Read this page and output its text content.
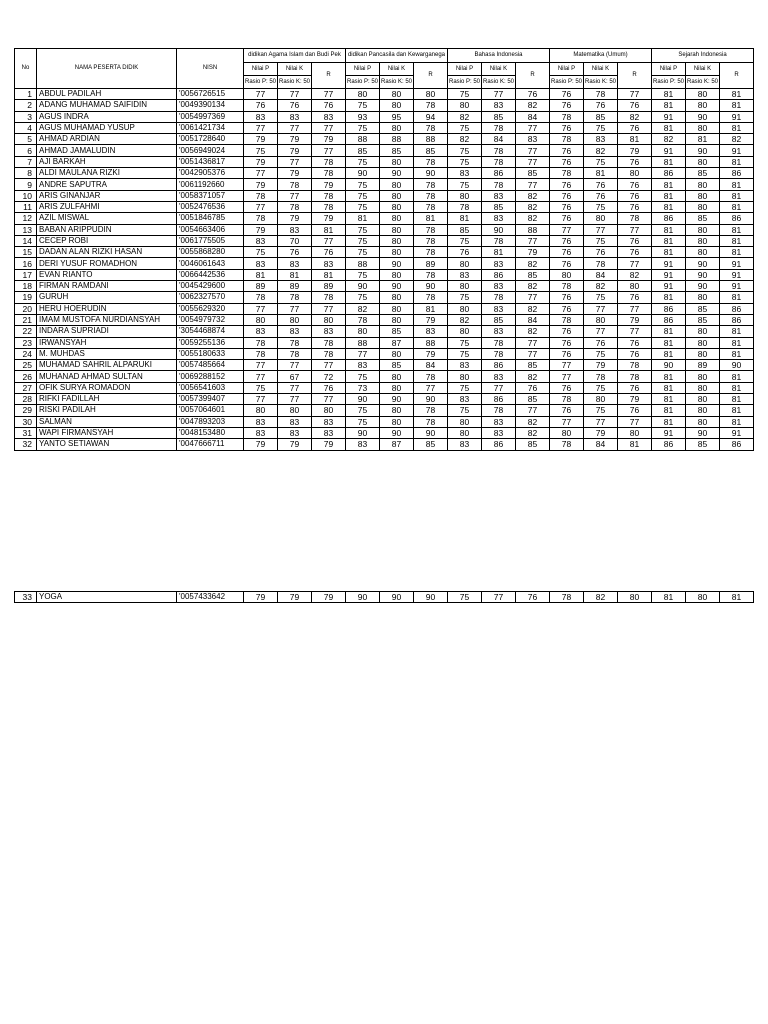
No	NAMA PESERTA DIDIK	NISN	didikan Agama Islam dan Budi Pek			didikan Pancasila dan Kewarganega			Bahasa Indonesia			Matematika (Umum)			Sejarah Indonesia		
			Nilai P	Nilai K	R	Nilai P	Nilai K	R	Nilai P	Nilai K	R	Nilai P	Nilai K	R	Nilai P	Nilai K	R
			Rasio P: 50	Rasio K: 50		Rasio P: 50	Rasio K: 50		Rasio P: 50	Rasio K: 50		Rasio P: 50	Rasio K: 50		Rasio P: 50	Rasio K: 50	
1	ABDUL PADILAH	'0056726515	77	77	77	80	80	80	75	77	76	76	78	77	81	80	81
2	ADANG MUHAMAD SAIFIDIN	'0049390134	76	76	76	75	80	78	80	83	82	76	76	76	81	80	81
3	AGUS INDRA	'0054997369	83	83	83	93	95	94	82	85	84	78	85	82	91	90	91
4	AGUS MUHAMAD YUSUP	'0061421734	77	77	77	75	80	78	75	78	77	76	75	76	81	80	81
5	AHMAD ARDIAN	'0051728640	79	79	79	88	88	88	82	84	83	78	83	81	82	81	82
6	AHMAD JAMALUDIN	'0056949024	75	79	77	85	85	85	75	78	77	76	82	79	91	90	91
7	AJI BARKAH	'0051436817	79	77	78	75	80	78	75	78	77	76	75	76	81	80	81
8	ALDI MAULANA RIZKI	'0042905376	77	79	78	90	90	90	83	86	85	78	81	80	86	85	86
9	ANDRE SAPUTRA	'0061192660	79	78	79	75	80	78	75	78	77	76	76	76	81	80	81
10	ARIS GINANJAR	'0058371057	78	77	78	75	80	78	80	83	82	76	76	76	81	80	81
11	ARIS ZULFAHMI	'0052476536	77	78	78	75	80	78	78	85	82	76	75	76	81	80	81
12	AZIL MISWAL	'0051846785	78	79	79	81	80	81	81	83	82	76	80	78	86	85	86
13	BABAN ARIPPUDIN	'0054663406	79	83	81	75	80	78	85	90	88	77	77	77	81	80	81
14	CECEP ROBI	'0061775505	83	70	77	75	80	78	75	78	77	76	75	76	81	80	81
15	DADAN ALAN RIZKI HASAN	'0055868280	75	76	76	75	80	78	76	81	79	76	76	76	81	80	81
16	DERI YUSUF ROMADHON	'0046061643	83	83	83	88	90	89	80	83	82	76	78	77	91	90	91
17	EVAN RIANTO	'0066442536	81	81	81	75	80	78	83	86	85	80	84	82	91	90	91
18	FIRMAN RAMDANI	'0045429600	89	89	89	90	90	90	80	83	82	78	82	80	91	90	91
19	GURUH	'0062327570	78	78	78	75	80	78	75	78	77	76	75	76	81	80	81
20	HERU HOERUDIN	'0055629320	77	77	77	82	80	81	80	83	82	76	77	77	86	85	86
21	IMAM MUSTOFA NURDIANSYAH	'0054979732	80	80	80	78	80	79	82	85	84	78	80	79	86	85	86
22	INDARA SUPRIADI	'3054468874	83	83	83	80	85	83	80	83	82	76	77	77	81	80	81
23	IRWANSYAH	'0059255136	78	78	78	88	87	88	75	78	77	76	76	76	81	80	81
24	M. MUHDAS	'0055180633	78	78	78	77	80	79	75	78	77	76	75	76	81	80	81
25	MUHAMAD SAHRIL ALPARUKI	'0057485664	77	77	77	83	85	84	83	86	85	77	79	78	90	89	90
26	MUHANAD AHMAD SULTAN	'0069288152	77	67	72	75	80	78	80	83	82	77	78	78	81	80	81
27	OFIK SURYA ROMADON	'0056541603	75	77	76	73	80	77	75	77	76	76	75	76	81	80	81
28	RIFKI FADILLAH	'0057399407	77	77	77	90	90	90	83	86	85	78	80	79	81	80	81
29	RISKI PADILAH	'0057064601	80	80	80	75	80	78	75	78	77	76	75	76	81	80	81
30	SALMAN	'0047893203	83	83	83	75	80	78	80	83	82	77	77	77	81	80	81
31	WAPI FIRMANSYAH	'0048153480	83	83	83	90	90	90	80	83	82	80	79	80	91	90	91
32	YANTO SETIAWAN	'0047666711	79	79	79	83	87	85	83	86	85	78	84	81	86	85	86
33	YOGA	'0057433642	79	79	79	90	90	90	75	77	76	78	82	80	81	80	81
